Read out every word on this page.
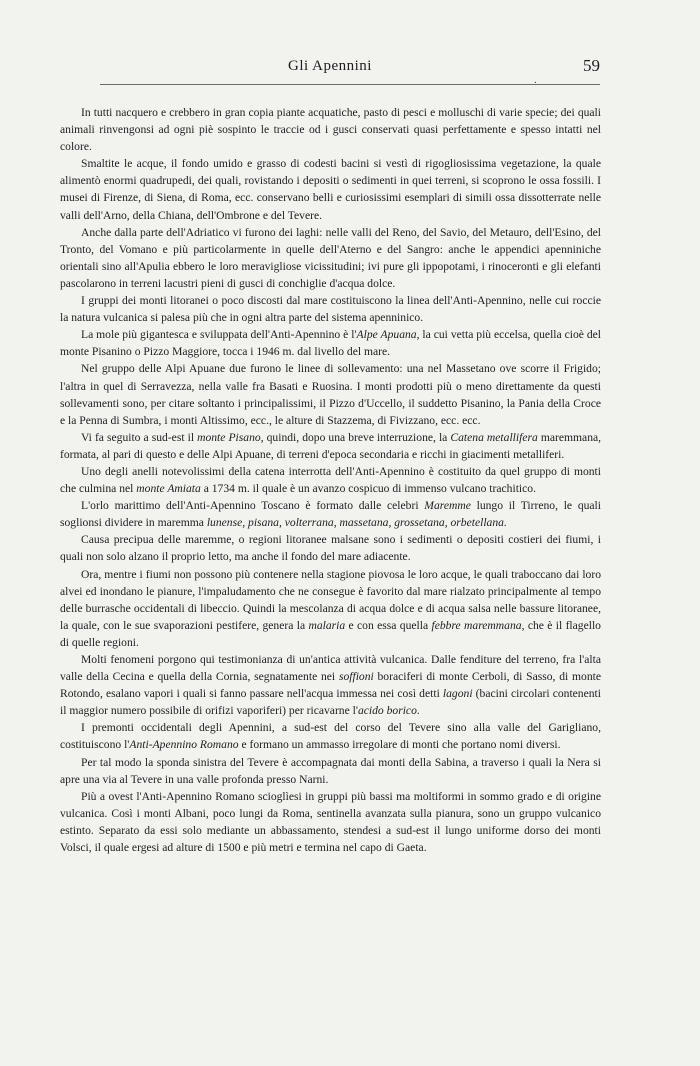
Gli Apennini	59
.

In tutti nacquero e crebbero in gran copia piante acquatiche, pasto di pesci e molluschi di varie specie; dei quali animali rinvengonsi ad ogni piè sospinto le traccie od i gusci conservati quasi perfettamente e spesso intatti nel colore.

Smaltite le acque, il fondo umido e grasso di codesti bacini si vestì di rigogliosissima vegetazione, la quale alimentò enormi quadrupedi, dei quali, rovistando i depositi o sedimenti in quei terreni, si scoprono le ossa fossili. I musei di Firenze, di Siena, di Roma, ecc. conservano belli e curiosissimi esemplari di simili ossa dissotterrate nelle valli dell'Arno, della Chiana, dell'Ombrone e del Tevere.

Anche dalla parte dell'Adriatico vi furono dei laghi: nelle valli del Reno, del Savio, del Metauro, dell'Esino, del Tronto, del Vomano e più particolarmente in quelle dell'Aterno e del Sangro: anche le appendici apenniniche orientali sino all'Apulia ebbero le loro meravigliose vicissitudini; ivi pure gli ippopotami, i rinoceronti e gli elefanti pascolarono in terreni lacustri pieni di gusci di conchiglie d'acqua dolce.

I gruppi dei monti litoranei o poco discosti dal mare costituiscono la linea dell'Anti-Apennino, nelle cui roccie la natura vulcanica si palesa più che in ogni altra parte del sistema apenninico.

La mole più gigantesca e sviluppata dell'Anti-Apennino è l'Alpe Apuana, la cui vetta più eccelsa, quella cioè del monte Pisanino o Pizzo Maggiore, tocca i 1946 m. dal livello del mare.

Nel gruppo delle Alpi Apuane due furono le linee di sollevamento: una nel Massetano ove scorre il Frigido; l'altra in quel di Serravezza, nella valle fra Basati e Ruosina. I monti prodotti più o meno direttamente da questi sollevamenti sono, per citare soltanto i principalissimi, il Pizzo d'Uccello, il suddetto Pisanino, la Pania della Croce e la Penna di Sumbra, i monti Altissimo, ecc., le alture di Stazzema, di Fivizzano, ecc. ecc.

Vi fa seguito a sud-est il monte Pisano, quindi, dopo una breve interruzione, la Catena metallifera maremmana, formata, al pari di questo e delle Alpi Apuane, di terreni d'epoca secondaria e ricchi in giacimenti metalliferi.

Uno degli anelli notevolissimi della catena interrotta dell'Anti-Apennino è costituito da quel gruppo di monti che culmina nel monte Amiata a 1734 m. il quale è un avanzo cospicuo di immenso vulcano trachitico.

L'orlo marittimo dell'Anti-Apennino Toscano è formato dalle celebri Maremme lungo il Tirreno, le quali soglionsi dividere in maremma lunense, pisana, volterrana, massetana, grossetana, orbetellana.

Causa precipua delle maremme, o regioni litoranee malsane sono i sedimenti o depositi costieri dei fiumi, i quali non solo alzano il proprio letto, ma anche il fondo del mare adiacente.

Ora, mentre i fiumi non possono più contenere nella stagione piovosa le loro acque, le quali traboccano dai loro alvei ed inondano le pianure, l'impaludamento che ne consegue è favorito dal mare rialzato principalmente al tempo delle burrasche occidentali di libeccio. Quindi la mescolanza di acqua dolce e di acqua salsa nelle bassure litoranee, la quale, con le sue svaporazioni pestifere, genera la malaria e con essa quella febbre maremmana, che è il flagello di quelle regioni.

Molti fenomeni porgono qui testimonianza di un'antica attività vulcanica. Dalle fenditure del terreno, fra l'alta valle della Cecina e quella della Cornia, segnatamente nei soffioni boraciferi di monte Cerboli, di Sasso, di monte Rotondo, esalano vapori i quali si fanno passare nell'acqua immessa nei così detti lagoni (bacini circolari contenenti il maggior numero possibile di orifizi vaporiferi) per ricavarne l'acido borico.

I premonti occidentali degli Apennini, a sud-est del corso del Tevere sino alla valle del Garigliano, costituiscono l'Anti-Apennino Romano e formano un ammasso irregolare di monti che portano nomi diversi.

Per tal modo la sponda sinistra del Tevere è accompagnata dai monti della Sabina, a traverso i quali la Nera si apre una via al Tevere in una valle profonda presso Narni.

Più a ovest l'Anti-Apennino Romano scioglìesi in gruppi più bassi ma moltiformi in sommo grado e di origine vulcanica. Così i monti Albani, poco lungi da Roma, sentinella avanzata sulla pianura, sono un gruppo vulcanico estinto. Separato da essi solo mediante un abbassamento, stendesi a sud-est il lungo uniforme dorso dei monti Volsci, il quale ergesi ad alture di 1500 e più metri e termina nel capo di Gaeta.
